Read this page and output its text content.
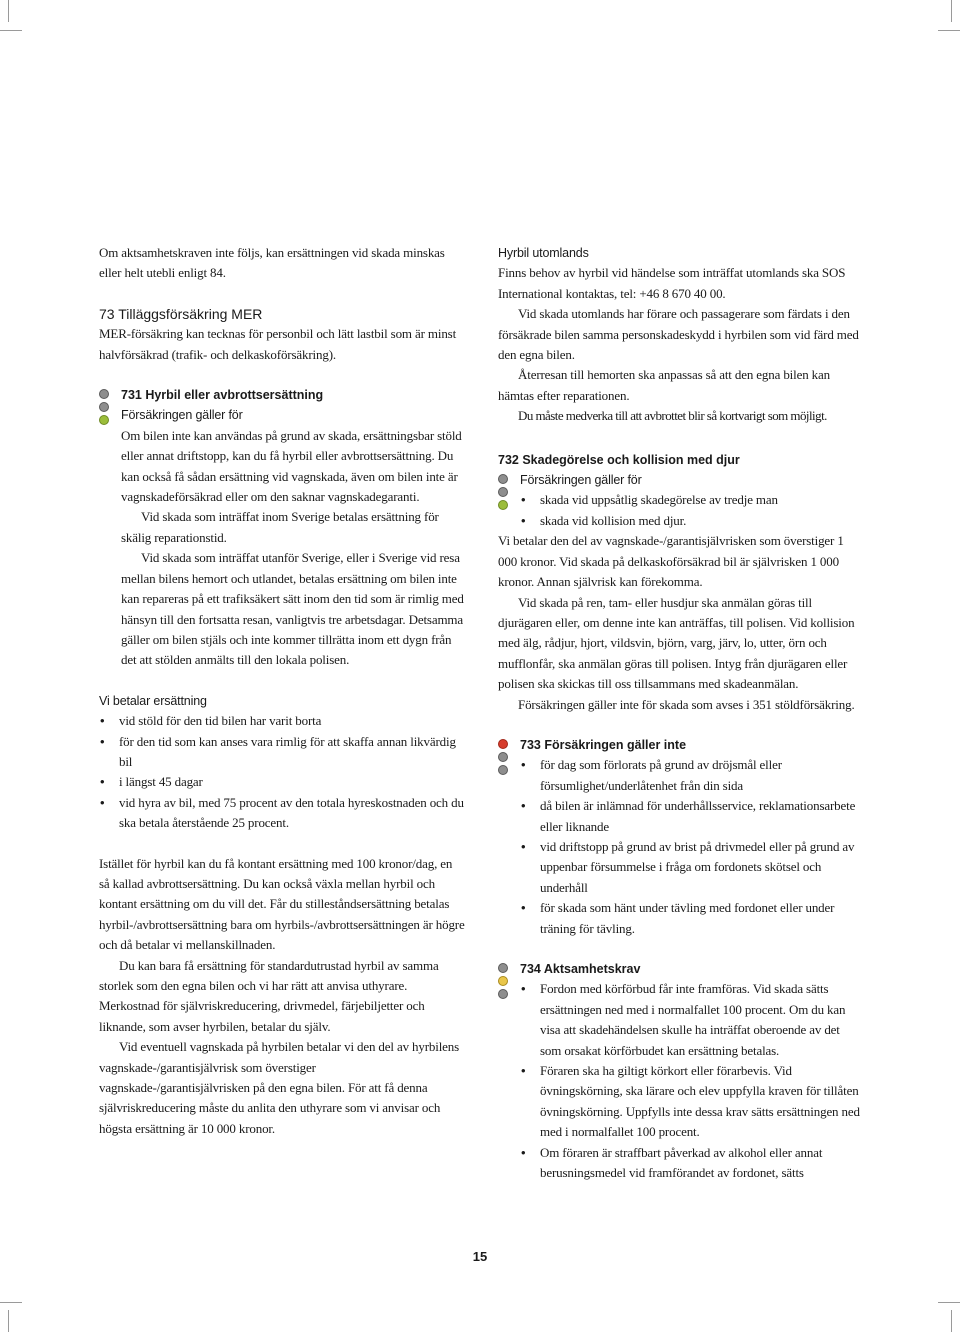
Om aktsamhetskraven inte följs, kan ersättningen vid skada minskas eller helt utebli enligt 84.

73 Tilläggsförsäkring MER

MER-försäkring kan tecknas för personbil och lätt lastbil som är minst halvförsäkrad (trafik- och delkaskoförsäkring).

731 Hyrbil eller avbrottsersättning
Försäkringen gäller för

Om bilen inte kan användas på grund av skada, ersättningsbar stöld eller annat driftstopp, kan du få hyrbil eller avbrottsersättning. Du kan också få sådan ersättning vid vagnskada, även om bilen inte är vagnskadeförsäkrad eller om den saknar vagnskadegaranti.

Vid skada som inträffat inom Sverige betalas ersättning för skälig reparationstid.

Vid skada som inträffat utanför Sverige, eller i Sverige vid resa mellan bilens hemort och utlandet, betalas ersättning om bilen inte kan repareras på ett trafiksäkert sätt inom den tid som är rimlig med hänsyn till den fortsatta resan, vanligtvis tre arbetsdagar. Detsamma gäller om bilen stjäls och inte kommer tillrätta inom ett dygn från det att stölden anmälts till den lokala polisen.

Vi betalar ersättning
• vid stöld för den tid bilen har varit borta
• för den tid som kan anses vara rimlig för att skaffa annan likvärdig bil
• i längst 45 dagar
• vid hyra av bil, med 75 procent av den totala hyreskostnaden och du ska betala återstående 25 procent.

Istället för hyrbil kan du få kontant ersättning med 100 kronor/dag, en så kallad avbrottsersättning. Du kan också växla mellan hyrbil och kontant ersättning om du vill det. Får du stilleståndsersättning betalas hyrbil-/avbrottsersättning bara om hyrbils-/avbrottsersättningen är högre och då betalar vi mellanskillnaden.

Du kan bara få ersättning för standardutrustad hyrbil av samma storlek som den egna bilen och vi har rätt att anvisa uthyrare. Merkostnad för självriskreducering, drivmedel, färjebiljetter och liknande, som avser hyrbilen, betalar du själv.

Vid eventuell vagnskada på hyrbilen betalar vi den del av hyrbilens vagnskade-/garantisjälvrisk som överstiger vagnskade-/garantisjälvrisken på den egna bilen. För att få denna självriskreducering måste du anlita den uthyrare som vi anvisar och högsta ersättning är 10 000 kronor.

Hyrbil utomlands

Finns behov av hyrbil vid händelse som inträffat utomlands ska SOS International kontaktas, tel: +46 8 670 40 00.

Vid skada utomlands har förare och passagerare som färdats i den försäkrade bilen samma personskadeskydd i hyrbilen som vid färd med den egna bilen.

Återresan till hemorten ska anpassas så att den egna bilen kan hämtas efter reparationen.

Du måste medverka till att avbrottet blir så kortvarigt som möjligt.

732 Skadegörelse och kollision med djur
Försäkringen gäller för
• skada vid uppsåtlig skadegörelse av tredje man
• skada vid kollision med djur.

Vi betalar den del av vagnskade-/garantisjälvrisken som överstiger 1 000 kronor. Vid skada på delkaskoförsäkrad bil är självrisken 1 000 kronor. Annan självrisk kan förekomma.

Vid skada på ren, tam- eller husdjur ska anmälan göras till djurägaren eller, om denne inte kan anträffas, till polisen. Vid kollision med älg, rådjur, hjort, vildsvin, björn, varg, järv, lo, utter, örn och mufflonfår, ska anmälan göras till polisen. Intyg från djurägaren eller polisen ska skickas till oss tillsammans med skadeanmälan.

Försäkringen gäller inte för skada som avses i 351 stöldförsäkring.

733 Försäkringen gäller inte
• för dag som förlorats på grund av dröjsmål eller försumlighet/underlåtenhet från din sida
• då bilen är inlämnad för underhållsservice, reklamationsarbete eller liknande
• vid driftstopp på grund av brist på drivmedel eller på grund av uppenbar försummelse i fråga om fordonets skötsel och underhåll
• för skada som hänt under tävling med fordonet eller under träning för tävling.
734 Aktsamhetskrav
• Fordon med körförbud får inte framföras. Vid skada sätts ersättningen ned med i normalfallet 100 procent. Om du kan visa att skadehändelsen skulle ha inträffat oberoende av det som orsakat körförbudet kan ersättning betalas.
• Föraren ska ha giltigt körkort eller förarbevis. Vid övningskörning, ska lärare och elev uppfylla kraven för tillåten övningskörning. Uppfylls inte dessa krav sätts ersättningen ned med i normalfallet 100 procent.
• Om föraren är straffbart påverkad av alkohol eller annat berusningsmedel vid framförandet av fordonet, sätts
15
